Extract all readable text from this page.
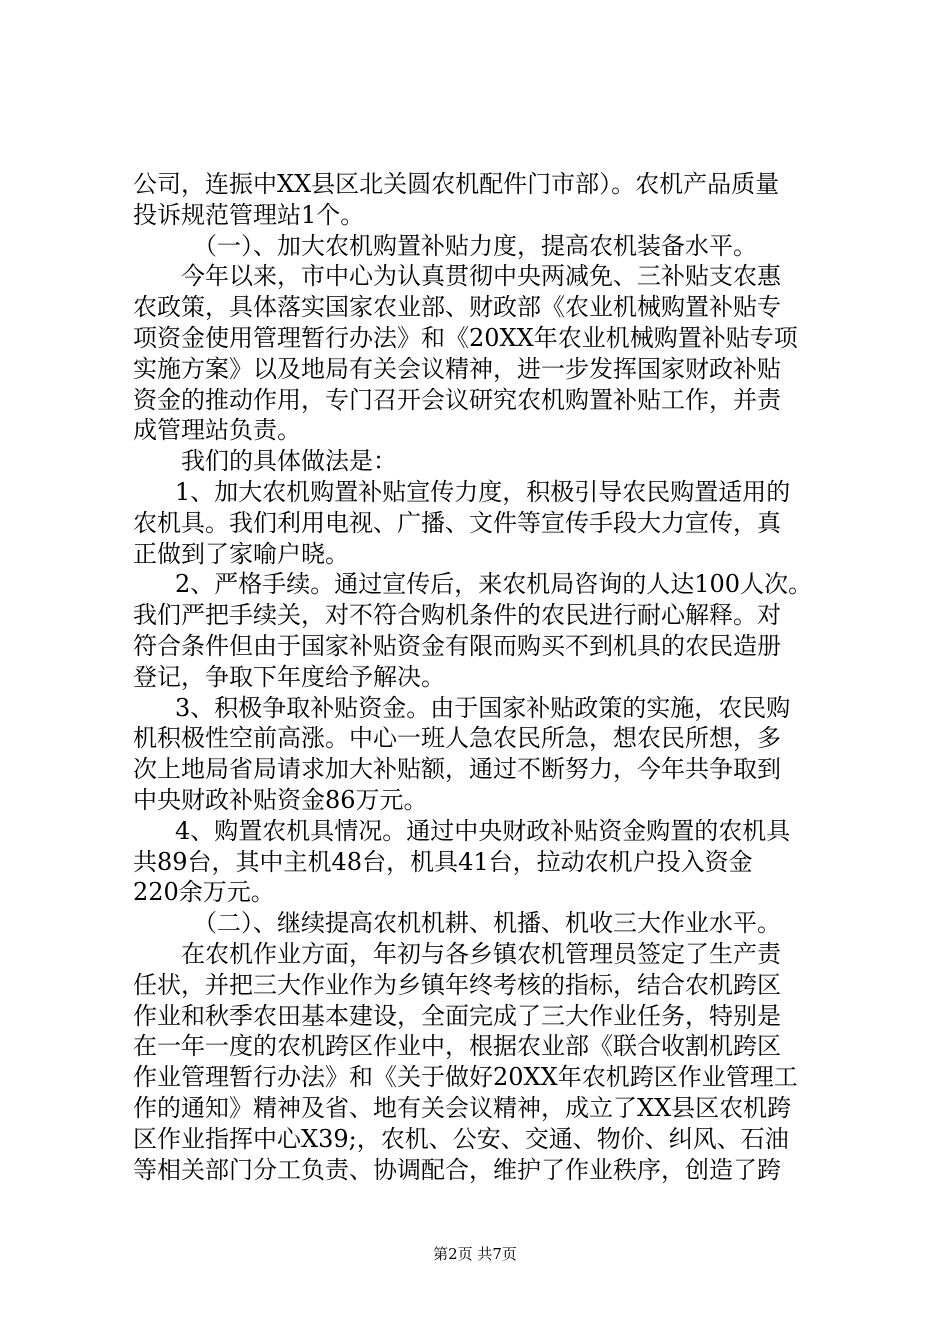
公司，连振中XX县区北关圆农机配件门市部）。农机产品质量
投诉规范管理站1个。
（一）、加大农机购置补贴力度，提高农机装备水平。
今年以来，市中心为认真贯彻中央两减免、三补贴支农惠
农政策，具体落实国家农业部、财政部《农业机械购置补贴专
项资金使用管理暂行办法》和《20XX年农业机械购置补贴专项
实施方案》以及地局有关会议精神，进一步发挥国家财政补贴
资金的推动作用，专门召开会议研究农机购置补贴工作，并责
成管理站负责。
我们的具体做法是：
1、加大农机购置补贴宣传力度，积极引导农民购置适用的
农机具。我们利用电视、广播、文件等宣传手段大力宣传，真
正做到了家喻户晓。
2、严格手续。通过宣传后，来农机局咨询的人达100人次。
我们严把手续关，对不符合购机条件的农民进行耐心解释。对
符合条件但由于国家补贴资金有限而购买不到机具的农民造册
登记，争取下年度给予解决。
3、积极争取补贴资金。由于国家补贴政策的实施，农民购
机积极性空前高涨。中心一班人急农民所急，想农民所想，多
次上地局省局请求加大补贴额，通过不断努力，今年共争取到
中央财政补贴资金86万元。
4、购置农机具情况。通过中央财政补贴资金购置的农机具
共89台，其中主机48台，机具41台，拉动农机户投入资金
220余万元。
（二）、继续提高农机机耕、机播、机收三大作业水平。
在农机作业方面，年初与各乡镇农机管理员签定了生产责
任状，并把三大作业作为乡镇年终考核的指标，结合农机跨区
作业和秋季农田基本建设，全面完成了三大作业任务，特别是
在一年一度的农机跨区作业中，根据农业部《联合收割机跨区
作业管理暂行办法》和《关于做好20XX年农机跨区作业管理工
作的通知》精神及省、地有关会议精神，成立了XX县区农机跨
区作业指挥中心X39;，农机、公安、交通、物价、纠风、石油
等相关部门分工负责、协调配合，维护了作业秩序，创造了跨
第2页 共7页
